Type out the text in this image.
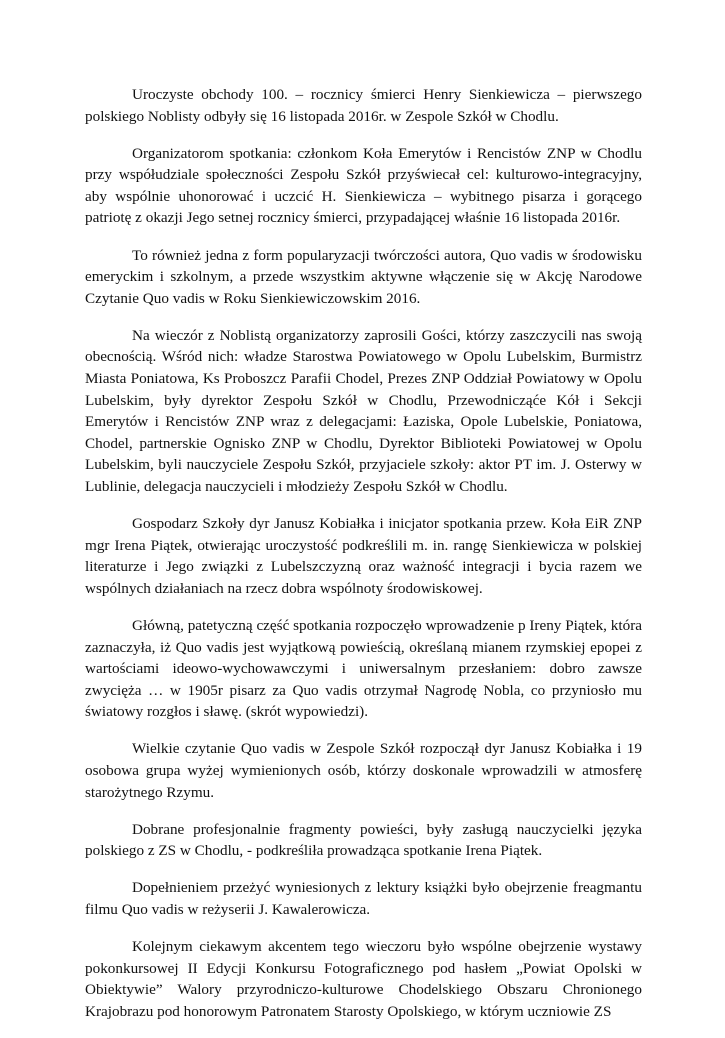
Uroczyste obchody 100. – rocznicy śmierci Henry Sienkiewicza – pierwszego polskiego Noblisty odbyły się 16 listopada 2016r. w Zespole Szkół w Chodlu.

Organizatorom spotkania: członkom Koła Emerytów i Rencistów ZNP w Chodlu przy współudziale społeczności Zespołu Szkół przyświecał cel: kulturowo-integracyjny, aby wspólnie uhonorować i uczcić H. Sienkiewicza – wybitnego pisarza i gorącego patriotę z okazji Jego setnej rocznicy śmierci, przypadającej właśnie 16 listopada 2016r.

To również jedna z form popularyzacji twórczości autora, Quo vadis w środowisku emeryckim i szkolnym, a przede wszystkim aktywne włączenie się w Akcję Narodowe Czytanie Quo vadis w Roku Sienkiewiczowskim 2016.

Na wieczór z Noblistą organizatorzy zaprosili Gości, którzy zaszczycili nas swoją obecnością. Wśród nich: władze Starostwa Powiatowego w Opolu Lubelskim, Burmistrz Miasta Poniatowa, Ks Proboszcz Parafii Chodel, Prezes ZNP Oddział Powiatowy w Opolu Lubelskim, były dyrektor Zespołu Szkół w Chodlu, Przewodnicząće Kół i Sekcji Emerytów i Rencistów ZNP wraz z delegacjami: Łaziska, Opole Lubelskie, Poniatowa, Chodel, partnerskie Ognisko ZNP w Chodlu, Dyrektor Biblioteki Powiatowej w Opolu Lubelskim, byli nauczyciele Zespołu Szkół, przyjaciele szkoły: aktor PT im. J. Osterwy w Lublinie, delegacja nauczycieli i młodzieży Zespołu Szkół w Chodlu.

Gospodarz Szkoły dyr Janusz Kobiałka i inicjator spotkania przew. Koła EiR ZNP mgr Irena Piątek, otwierając uroczystość podkreślili m. in. rangę Sienkiewicza w polskiej literaturze i Jego związki z Lubelszczyzną oraz ważność integracji i bycia razem we wspólnych działaniach na rzecz dobra wspólnoty środowiskowej.

Główną, patetyczną część spotkania rozpoczęło wprowadzenie p Ireny Piątek, która zaznaczyła, iż Quo vadis jest wyjątkową powieścią, określaną mianem rzymskiej epopei z wartościami ideowo-wychowawczymi i uniwersalnym przesłaniem: dobro zawsze zwycięża … w 1905r pisarz za Quo vadis otrzymał Nagrodę Nobla, co przyniosło mu światowy rozgłos i sławę. (skrót wypowiedzi).

Wielkie czytanie Quo vadis w Zespole Szkół rozpoczął dyr Janusz Kobiałka i 19 osobowa grupa wyżej wymienionych osób, którzy doskonale wprowadzili w atmosferę starożytnego Rzymu.

Dobrane profesjonalnie fragmenty powieści, były zasługą nauczycielki języka polskiego z ZS w Chodlu, - podkreśliła prowadząca spotkanie Irena Piątek.

Dopełnieniem przeżyć wyniesionych z lektury książki było obejrzenie freagmantu filmu Quo vadis w reżyserii J. Kawalerowicza.

Kolejnym ciekawym akcentem tego wieczoru było wspólne obejrzenie wystawy pokonkursowej II Edycji Konkursu Fotograficznego pod hasłem „Powiat Opolski w Obiektywie” Walory przyrodniczo-kulturowe Chodelskiego Obszaru Chronionego Krajobrazu pod honorowym Patronatem Starosty Opolskiego, w którym uczniowie ZS
